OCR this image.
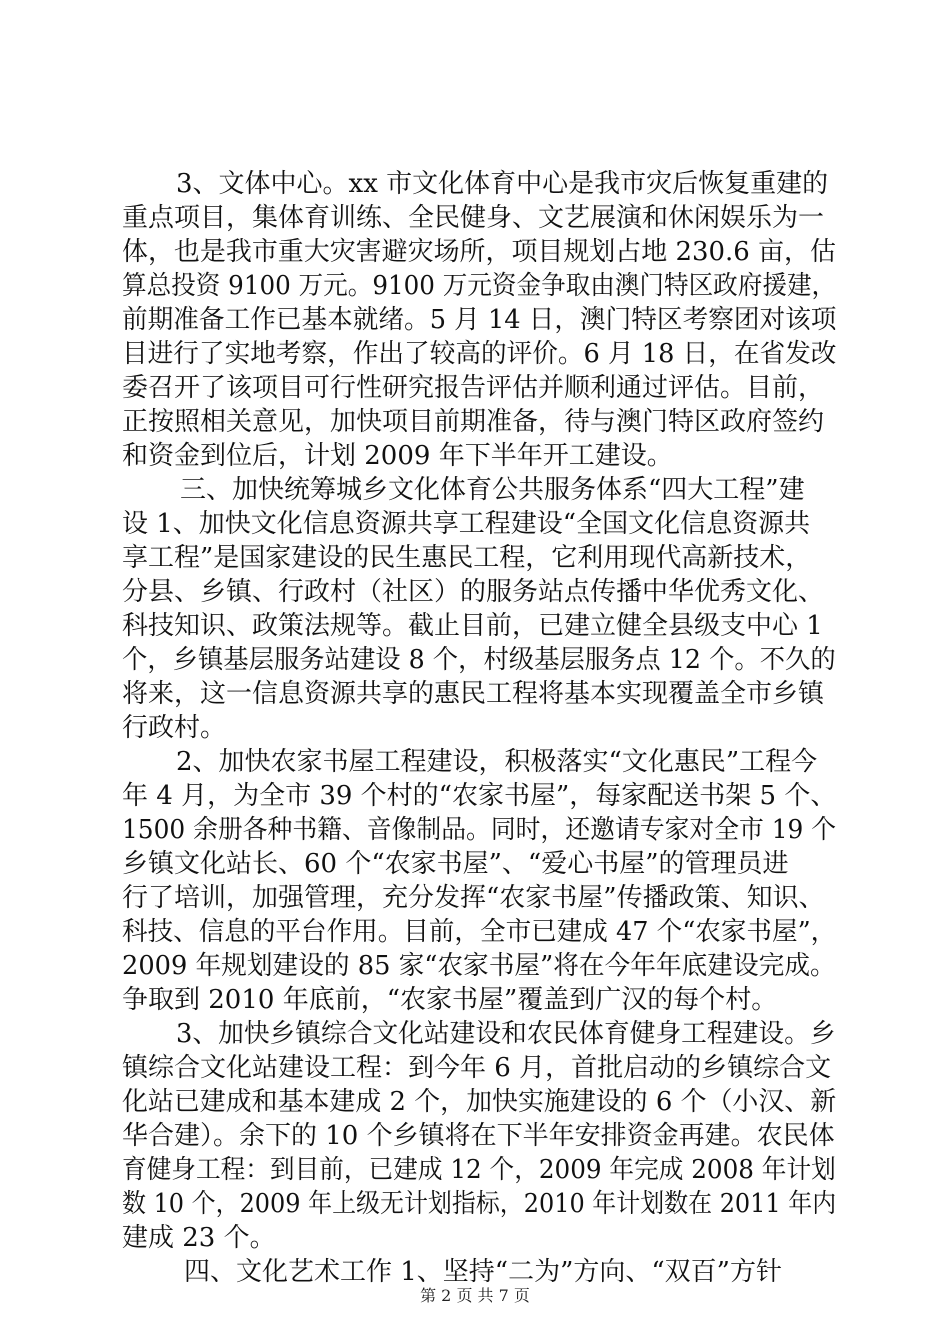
3、文体中心。xx 市文化体育中心是我市灾后恢复重建的
重点项目，集体育训练、全民健身、文艺展演和休闲娱乐为一
体，也是我市重大灾害避灾场所，项目规划占地 230.6 亩，估
算总投资 9100 万元。9100 万元资金争取由澳门特区政府援建，
前期准备工作已基本就绪。5 月 14 日，澳门特区考察团对该项
目进行了实地考察，作出了较高的评价。6 月 18 日，在省发改
委召开了该项目可行性研究报告评估并顺利通过评估。目前，
正按照相关意见，加快项目前期准备，待与澳门特区政府签约
和资金到位后，计划 2009 年下半年开工建设。
三、加快统筹城乡文化体育公共服务体系“四大工程”建
设 1、加快文化信息资源共享工程建设“全国文化信息资源共
享工程”是国家建设的民生惠民工程，它利用现代高新技术，
分县、乡镇、行政村（社区）的服务站点传播中华优秀文化、
科技知识、政策法规等。截止目前，已建立健全县级支中心 1
个，乡镇基层服务站建设 8 个，村级基层服务点 12 个。不久的
将来，这一信息资源共享的惠民工程将基本实现覆盖全市乡镇
行政村。
2、加快农家书屋工程建设，积极落实“文化惠民”工程今
年 4 月，为全市 39 个村的“农家书屋”，每家配送书架 5 个、
1500 余册各种书籍、音像制品。同时，还邀请专家对全市 19 个
乡镇文化站长、60 个“农家书屋”、“爱心书屋”的管理员进
行了培训，加强管理，充分发挥“农家书屋”传播政策、知识、
科技、信息的平台作用。目前，全市已建成 47 个“农家书屋”，
2009 年规划建设的 85 家“农家书屋”将在今年年底建设完成。
争取到 2010 年底前，“农家书屋”覆盖到广汉的每个村。
3、加快乡镇综合文化站建设和农民体育健身工程建设。乡
镇综合文化站建设工程：到今年 6 月，首批启动的乡镇综合文
化站已建成和基本建成 2 个，加快实施建设的 6 个（小汉、新
华合建）。余下的 10 个乡镇将在下半年安排资金再建。农民体
育健身工程：到目前，已建成 12 个，2009 年完成 2008 年计划
数 10 个，2009 年上级无计划指标，2010 年计划数在 2011 年内
建成 23 个。
四、文化艺术工作 1、坚持“二为”方向、“双百”方针
第 2 页 共 7 页
